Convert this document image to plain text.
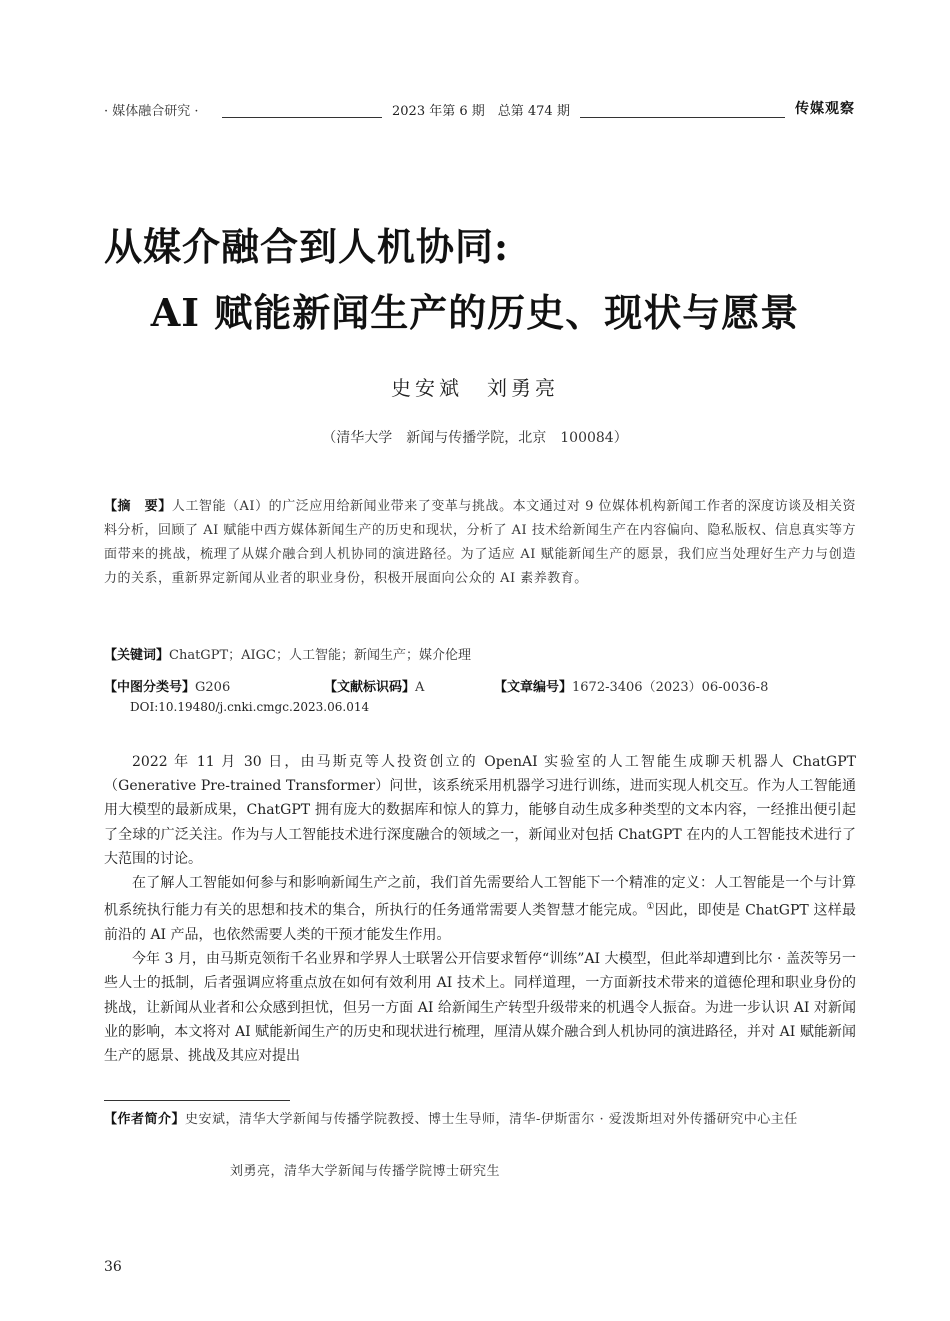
· 媒体融合研究 ·	2023 年第 6 期　总第 474 期	传媒观察
从媒介融合到人机协同:
AI 赋能新闻生产的历史、现状与愿景
史安斌　刘勇亮
（清华大学　新闻与传播学院，北京　100084）
【摘　要】人工智能（AI）的广泛应用给新闻业带来了变革与挑战。本文通过对 9 位媒体机构新闻工作者的深度访谈及相关资料分析，回顾了 AI 赋能中西方媒体新闻生产的历史和现状，分析了 AI 技术给新闻生产在内容偏向、隐私版权、信息真实等方面带来的挑战，梳理了从媒介融合到人机协同的演进路径。为了适应 AI 赋能新闻生产的愿景，我们应当处理好生产力与创造力的关系，重新界定新闻从业者的职业身份，积极开展面向公众的 AI 素养教育。
【关键词】ChatGPT；AIGC；人工智能；新闻生产；媒介伦理
【中图分类号】G206	【文献标识码】A	【文章编号】1672-3406（2023）06-0036-8
DOI:10.19480/j.cnki.cmgc.2023.06.014

2022 年 11 月 30 日，由马斯克等人投资创立的 OpenAI 实验室的人工智能生成聊天机器人 ChatGPT（Generative Pre-trained Transformer）问世，该系统采用机器学习进行训练，进而实现人机交互。作为人工智能通用大模型的最新成果，ChatGPT 拥有庞大的数据库和惊人的算力，能够自动生成多种类型的文本内容，一经推出便引起了全球的广泛关注。作为与人工智能技术进行深度融合的领域之一，新闻业对包括 ChatGPT 在内的人工智能技术进行了大范围的讨论。

在了解人工智能如何参与和影响新闻生产之前，我们首先需要给人工智能下一个精准的定义：人工智能是一个与计算机系统执行能力有关的思想和技术的集合，所执行的任务通常需要人类智慧才能完成。①因此，即使是 ChatGPT 这样最前沿的 AI 产品，也依然需要人类的干预才能发生作用。

今年 3 月，由马斯克领衔千名业界和学界人士联署公开信要求暂停“训练”AI 大模型，但此举却遭到比尔 · 盖茨等另一些人士的抵制，后者强调应将重点放在如何有效利用 AI 技术上。同样道理，一方面新技术带来的道德伦理和职业身份的挑战，让新闻从业者和公众感到担忧，但另一方面 AI 给新闻生产转型升级带来的机遇令人振奋。为进一步认识 AI 对新闻业的影响，本文将对 AI 赋能新闻生产的历史和现状进行梳理，厘清从媒介融合到人机协同的演进路径，并对 AI 赋能新闻生产的愿景、挑战及其应对提出

【作者简介】史安斌，清华大学新闻与传播学院教授、博士生导师，清华-伊斯雷尔 · 爱泼斯坦对外传播研究中心主任
刘勇亮，清华大学新闻与传播学院博士研究生
36
